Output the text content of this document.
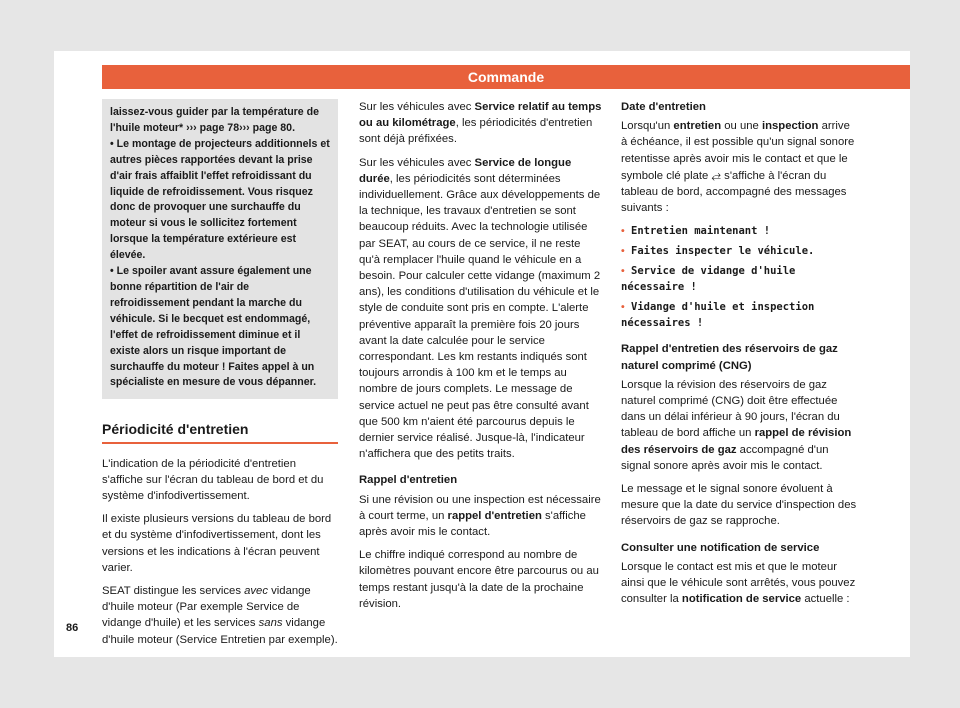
Commande

laissez-vous guider par la température de l'huile moteur* ››› page 78››› page 80.

• Le montage de projecteurs additionnels et autres pièces rapportées devant la prise d'air frais affaiblit l'effet refroidissant du liquide de refroidissement. Vous risquez donc de provoquer une surchauffe du moteur si vous le sollicitez fortement lorsque la température extérieure est élevée.

• Le spoiler avant assure également une bonne répartition de l'air de refroidissement pendant la marche du véhicule. Si le becquet est endommagé, l'effet de refroidissement diminue et il existe alors un risque important de surchauffe du moteur ! Faites appel à un spécialiste en mesure de vous dépanner.

Périodicité d'entretien

L'indication de la périodicité d'entretien s'affiche sur l'écran du tableau de bord et du système d'infodivertissement.

Il existe plusieurs versions du tableau de bord et du système d'infodivertissement, dont les versions et les indications à l'écran peuvent varier.

SEAT distingue les services avec vidange d'huile moteur (Par exemple Service de vidange d'huile) et les services sans vidange d'huile moteur (Service Entretien par exemple).

Sur les véhicules avec Service relatif au temps ou au kilométrage, les périodicités d'entretien sont déjà préfixées.

Sur les véhicules avec Service de longue durée, les périodicités sont déterminées individuellement. Grâce aux développements de la technique, les travaux d'entretien se sont beaucoup réduits. Avec la technologie utilisée par SEAT, au cours de ce service, il ne reste qu'à remplacer l'huile quand le véhicule en a besoin. Pour calculer cette vidange (maximum 2 ans), les conditions d'utilisation du véhicule et le style de conduite sont pris en compte. L'alerte préventive apparaît la première fois 20 jours avant la date calculée pour le service correspondant. Les km restants indiqués sont toujours arrondis à 100 km et le temps au nombre de jours complets. Le message de service actuel ne peut pas être consulté avant que 500 km n'aient été parcourus depuis le dernier service réalisé. Jusque-là, l'indicateur n'affichera que des petits traits.

Rappel d'entretien

Si une révision ou une inspection est nécessaire à court terme, un rappel d'entretien s'affiche après avoir mis le contact.

Le chiffre indiqué correspond au nombre de kilomètres pouvant encore être parcourus ou au temps restant jusqu'à la date de la prochaine révision.

Date d'entretien

Lorsqu'un entretien ou une inspection arrive à échéance, il est possible qu'un signal sonore retentisse après avoir mis le contact et que le symbole clé plate ⥄ s'affiche à l'écran du tableau de bord, accompagné des messages suivants :

• Entretien maintenant !
• Faites inspecter le véhicule.
• Service de vidange d'huile nécessaire !
• Vidange d'huile et inspection nécessaires !
Rappel d'entretien des réservoirs de gaz naturel comprimé (CNG)

Lorsque la révision des réservoirs de gaz naturel comprimé (CNG) doit être effectuée dans un délai inférieur à 90 jours, l'écran du tableau de bord affiche un rappel de révision des réservoirs de gaz accompagné d'un signal sonore après avoir mis le contact.

Le message et le signal sonore évoluent à mesure que la date du service d'inspection des réservoirs de gaz se rapproche.

Consulter une notification de service

Lorsque le contact est mis et que le moteur ainsi que le véhicule sont arrêtés, vous pouvez consulter la notification de service actuelle :

86
